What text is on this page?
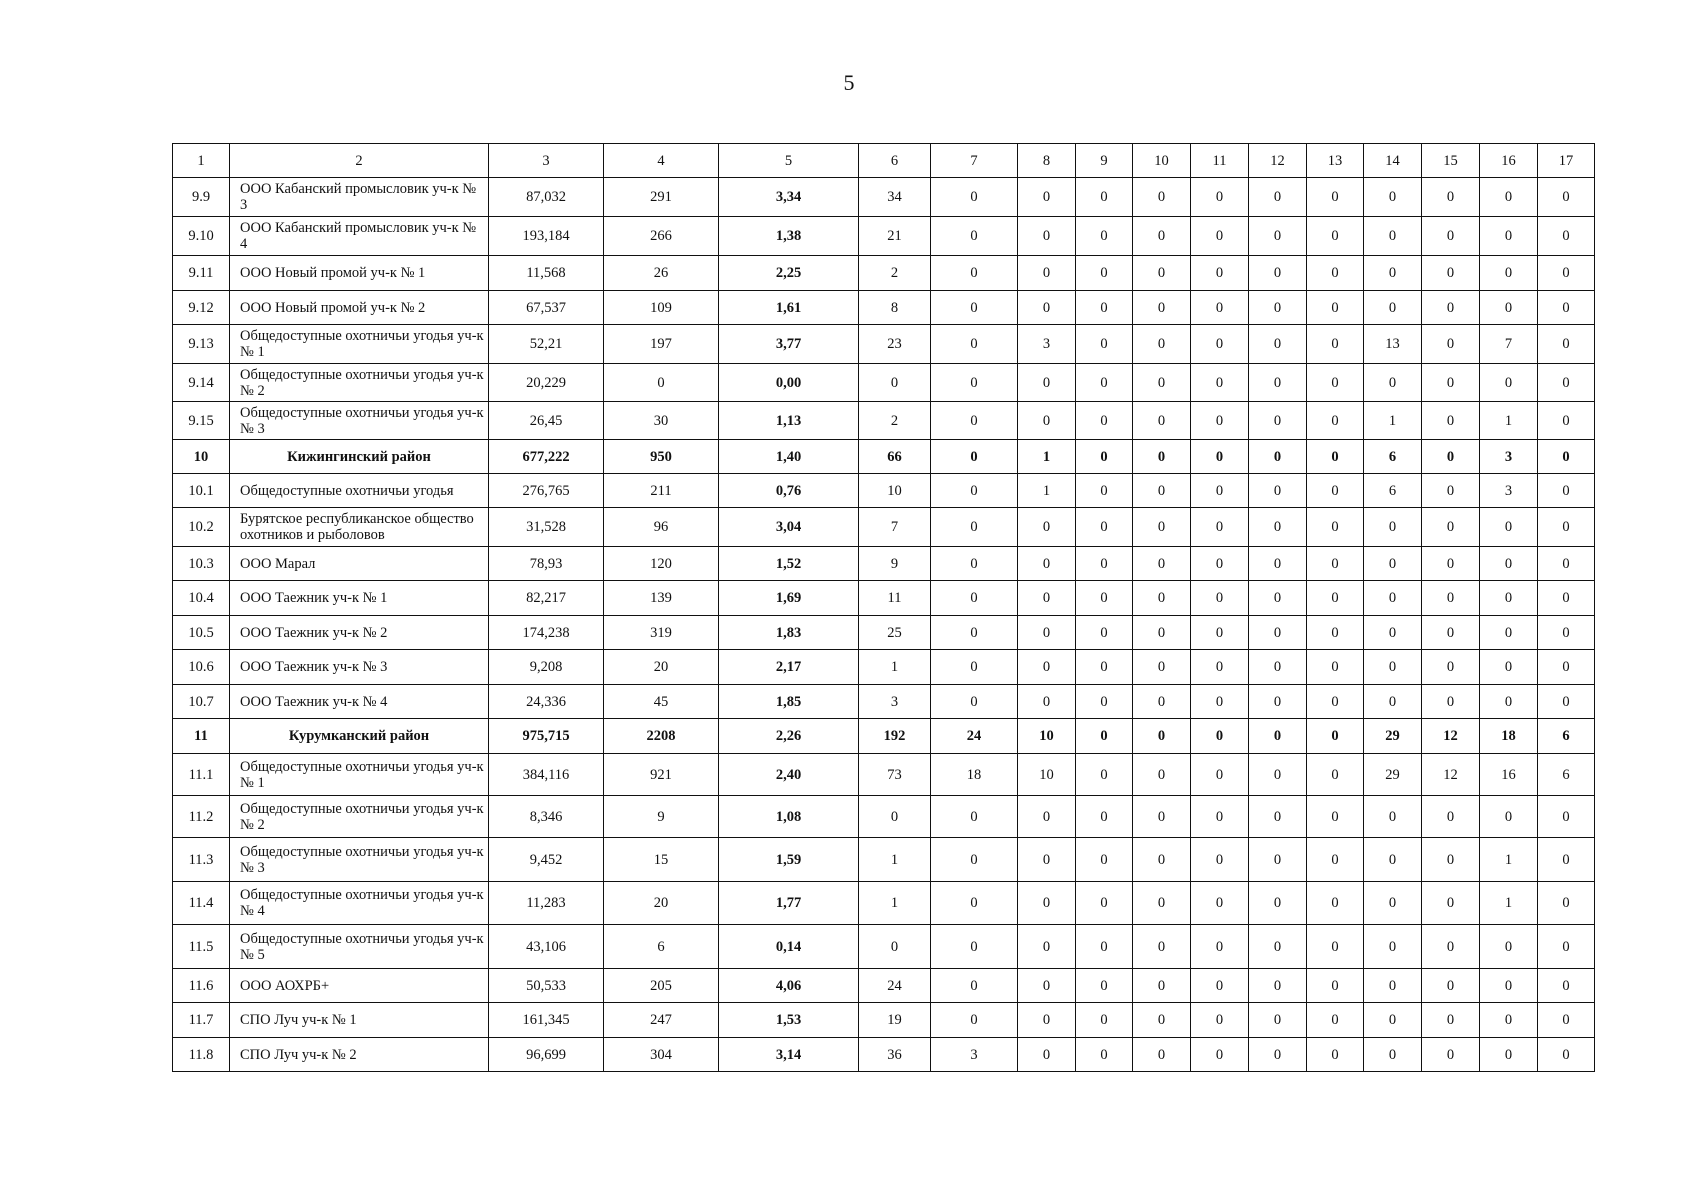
5
1	2	3	4	5	6	7	8	9	10	11	12	13	14	15	16	17
9.9	ООО Кабанский промысловик уч-к № 3	87,032	291	3,34	34	0	0	0	0	0	0	0	0	0	0	0
9.10	ООО Кабанский промысловик уч-к № 4	193,184	266	1,38	21	0	0	0	0	0	0	0	0	0	0	0
9.11	ООО Новый промой уч-к № 1	11,568	26	2,25	2	0	0	0	0	0	0	0	0	0	0	0
9.12	ООО Новый промой уч-к № 2	67,537	109	1,61	8	0	0	0	0	0	0	0	0	0	0	0
9.13	Общедоступные охотничьи угодья уч-к № 1	52,21	197	3,77	23	0	3	0	0	0	0	0	13	0	7	0
9.14	Общедоступные охотничьи угодья уч-к № 2	20,229	0	0,00	0	0	0	0	0	0	0	0	0	0	0	0
9.15	Общедоступные охотничьи угодья уч-к № 3	26,45	30	1,13	2	0	0	0	0	0	0	0	1	0	1	0
10	Кижингинский район	677,222	950	1,40	66	0	1	0	0	0	0	0	6	0	3	0
10.1	Общедоступные охотничьи угодья	276,765	211	0,76	10	0	1	0	0	0	0	0	6	0	3	0
10.2	Бурятское республиканское общество охотников и рыболовов	31,528	96	3,04	7	0	0	0	0	0	0	0	0	0	0	0
10.3	ООО Марал	78,93	120	1,52	9	0	0	0	0	0	0	0	0	0	0	0
10.4	ООО Таежник уч-к № 1	82,217	139	1,69	11	0	0	0	0	0	0	0	0	0	0	0
10.5	ООО Таежник уч-к № 2	174,238	319	1,83	25	0	0	0	0	0	0	0	0	0	0	0
10.6	ООО Таежник уч-к № 3	9,208	20	2,17	1	0	0	0	0	0	0	0	0	0	0	0
10.7	ООО Таежник уч-к № 4	24,336	45	1,85	3	0	0	0	0	0	0	0	0	0	0	0
11	Курумканский район	975,715	2208	2,26	192	24	10	0	0	0	0	0	29	12	18	6
11.1	Общедоступные охотничьи угодья уч-к № 1	384,116	921	2,40	73	18	10	0	0	0	0	0	29	12	16	6
11.2	Общедоступные охотничьи угодья уч-к № 2	8,346	9	1,08	0	0	0	0	0	0	0	0	0	0	0	0
11.3	Общедоступные охотничьи угодья уч-к № 3	9,452	15	1,59	1	0	0	0	0	0	0	0	0	0	1	0
11.4	Общедоступные охотничьи угодья уч-к № 4	11,283	20	1,77	1	0	0	0	0	0	0	0	0	0	1	0
11.5	Общедоступные охотничьи угодья уч-к № 5	43,106	6	0,14	0	0	0	0	0	0	0	0	0	0	0	0
11.6	ООО АОХРБ+	50,533	205	4,06	24	0	0	0	0	0	0	0	0	0	0	0
11.7	СПО Луч уч-к № 1	161,345	247	1,53	19	0	0	0	0	0	0	0	0	0	0	0
11.8	СПО Луч уч-к № 2	96,699	304	3,14	36	3	0	0	0	0	0	0	0	0	0	0
